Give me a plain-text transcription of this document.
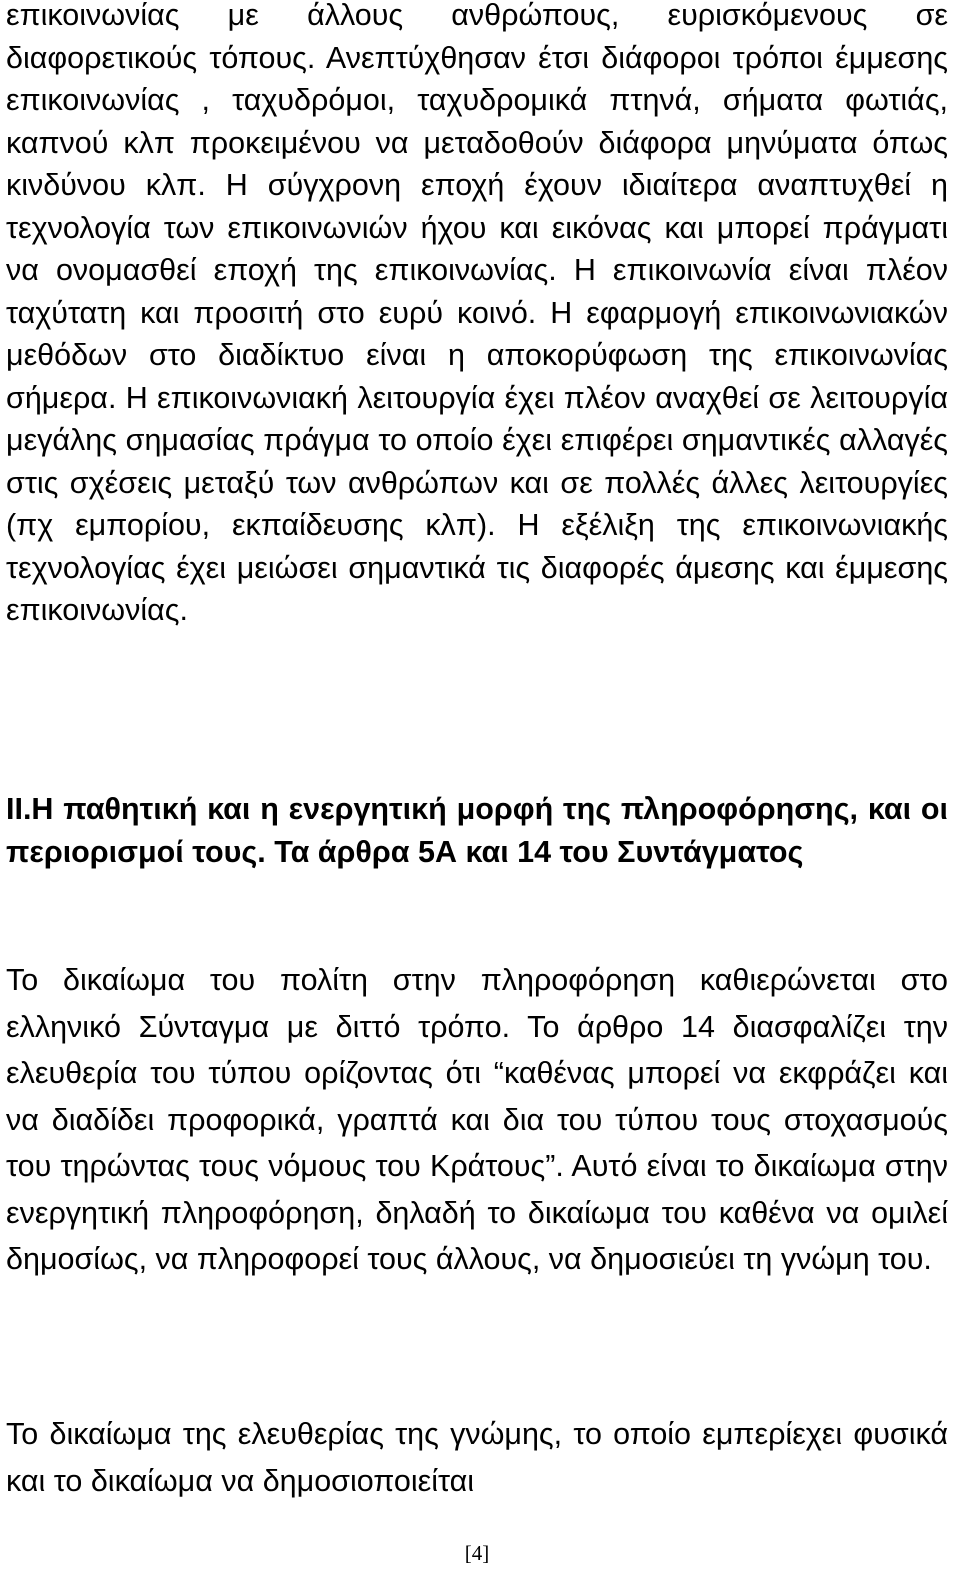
επικοινωνίας με άλλους ανθρώπους, ευρισκόμενους σε διαφορετικούς τόπους. Ανεπτύχθησαν έτσι διάφοροι τρόποι έμμεσης επικοινωνίας , ταχυδρόμοι, ταχυδρομικά πτηνά, σήματα φωτιάς, καπνού κλπ προκειμένου να μεταδοθούν διάφορα μηνύματα όπως κινδύνου κλπ. Η σύγχρονη εποχή έχουν ιδιαίτερα αναπτυχθεί η τεχνολογία των επικοινωνιών ήχου και εικόνας και μπορεί πράγματι να ονομασθεί εποχή της επικοινωνίας. Η επικοινωνία είναι πλέον ταχύτατη και προσιτή στο ευρύ κοινό. Η εφαρμογή επικοινωνιακών μεθόδων στο διαδίκτυο είναι η αποκορύφωση της επικοινωνίας σήμερα. Η επικοινωνιακή λειτουργία έχει πλέον αναχθεί σε λειτουργία μεγάλης σημασίας πράγμα το οποίο έχει επιφέρει σημαντικές αλλαγές στις σχέσεις μεταξύ των ανθρώπων και σε πολλές άλλες λειτουργίες (πχ εμπορίου, εκπαίδευσης κλπ). Η εξέλιξη της επικοινωνιακής τεχνολογίας έχει μειώσει σημαντικά τις διαφορές άμεσης και έμμεσης επικοινωνίας.

ΙΙ.Η παθητική και η ενεργητική μορφή της πληροφόρησης, και οι περιορισμοί τους. Τα άρθρα 5Α και 14 του Συντάγματος

Το δικαίωμα του πολίτη στην πληροφόρηση καθιερώνεται στο ελληνικό Σύνταγμα με διττό τρόπο. Το άρθρο 14 διασφαλίζει την ελευθερία του τύπου ορίζοντας ότι “καθένας μπορεί να εκφράζει και να διαδίδει προφορικά, γραπτά και δια του τύπου τους στοχασμούς του τηρώντας τους νόμους του Κράτους”. Αυτό είναι το δικαίωμα στην ενεργητική πληροφόρηση, δηλαδή το δικαίωμα του καθένα να ομιλεί δημοσίως, να πληροφορεί τους άλλους, να δημοσιεύει τη γνώμη του.

Το δικαίωμα της ελευθερίας της γνώμης, το οποίο εμπερίεχει φυσικά και το δικαίωμα να δημοσιοποιείται

[4]
